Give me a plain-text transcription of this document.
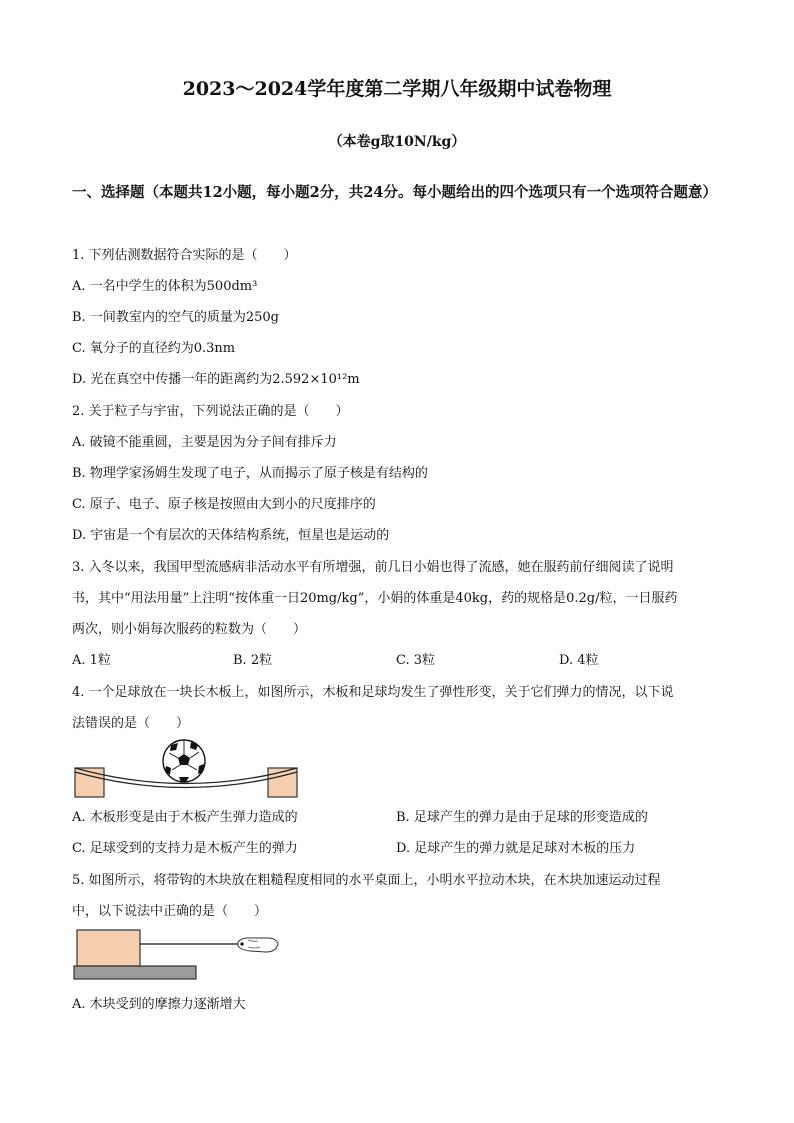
2023～2024学年度第二学期八年级期中试卷物理
（本卷g取10N/kg）
一、选择题（本题共12小题，每小题2分，共24分。每小题给出的四个选项只有一个选项符合题意）
1. 下列估测数据符合实际的是（　　）
A. 一名中学生的体积为500dm³
B. 一间教室内的空气的质量为250g
C. 氧分子的直径约为0.3nm
D. 光在真空中传播一年的距离约为2.592×10¹²m
2. 关于粒子与宇宙，下列说法正确的是（　　）
A. 破镜不能重圆，主要是因为分子间有排斥力
B. 物理学家汤姆生发现了电子，从而揭示了原子核是有结构的
C. 原子、电子、原子核是按照由大到小的尺度排序的
D. 宇宙是一个有层次的天体结构系统，恒星也是运动的
3. 入冬以来，我国甲型流感病非活动水平有所增强，前几日小娟也得了流感，她在服药前仔细阅读了说明
书，其中“用法用量”上注明“按体重一日20mg/kg”，小娟的体重是40kg，药的规格是0.2g/粒，一日服药
两次，则小娟每次服药的粒数为（　　）
A. 1粒	B. 2粒	C. 3粒	D. 4粒
4. 一个足球放在一块长木板上，如图所示，木板和足球均发生了弹性形变，关于它们弹力的情况，以下说
法错误的是（　　）
A. 木板形变是由于木板产生弹力造成的	B. 足球产生的弹力是由于足球的形变造成的
C. 足球受到的支持力是木板产生的弹力	D. 足球产生的弹力就是足球对木板的压力
5. 如图所示，将带钩的木块放在粗糙程度相同的水平桌面上，小明水平拉动木块，在木块加速运动过程
中，以下说法中正确的是（　　）
A. 木块受到的摩擦力逐渐增大
